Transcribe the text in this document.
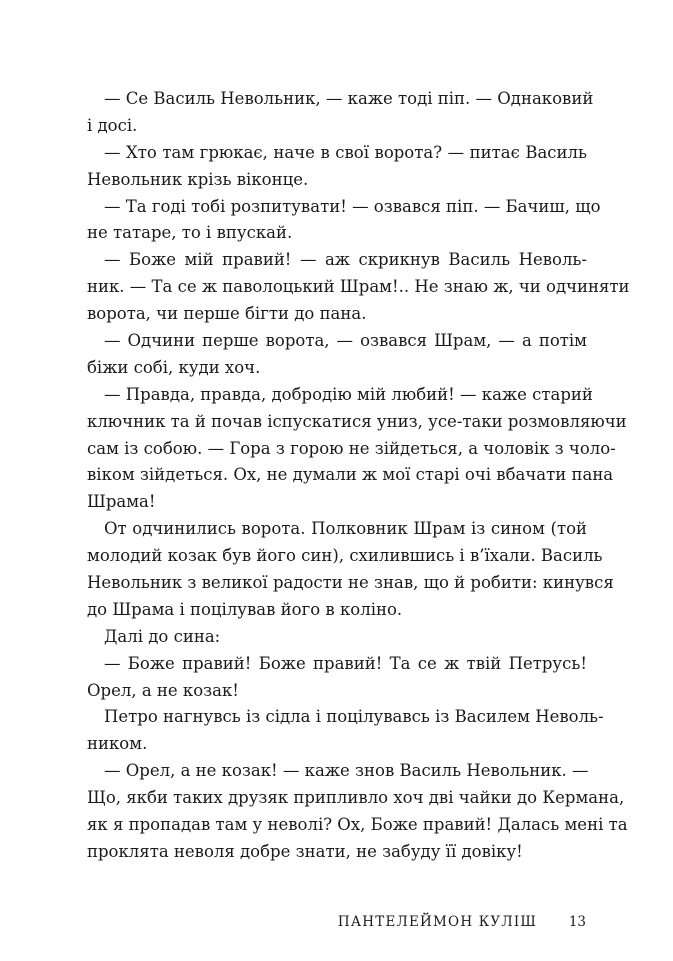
— Се Василь Невольник, — каже тоді піп. — Однаковий
і досі.
— Хто там грюкає, наче в свої ворота? — питає Василь
Невольник крізь віконце.
— Та годі тобі розпитувати! — озвався піп. — Бачиш, що
не татаре, то і впускай.
— Боже мій правий! — аж скрикнув Василь Неволь-
ник. — Та се ж паволоцький Шрам!.. Не знаю ж, чи одчиняти
ворота, чи перше бігти до пана.
— Одчини перше ворота, — озвався Шрам, — а потім
біжи собі, куди хоч.
— Правда, правда, добродію мій любий! — каже старий
ключник та й почав іспускатися униз, усе-таки розмовляючи
сам із собою. — Гора з горою не зійдеться, а чоловік з чоло-
віком зійдеться. Ох, не думали ж мої старі очі вбачати пана
Шрама!
От одчинились ворота. Полковник Шрам із сином (той
молодий козак був його син), схилившись і в’їхали. Василь
Невольник з великої радости не знав, що й робити: кинувся
до Шрама і поцілував його в коліно.
Далі до сина:
— Боже правий! Боже правий! Та се ж твій Петрусь!
Орел, а не козак!
Петро нагнувсь із сідла і поцілувавсь із Василем Неволь-
ником.
— Орел, а не козак! — каже знов Василь Невольник. —
Що, якби таких друзяк припливло хоч дві чайки до Кермана,
як я пропадав там у неволі? Ох, Боже правий! Далась мені та
проклята неволя добре знати, не забуду її довіку!
ПАНТЕЛЕЙМОН КУЛІШ 13
